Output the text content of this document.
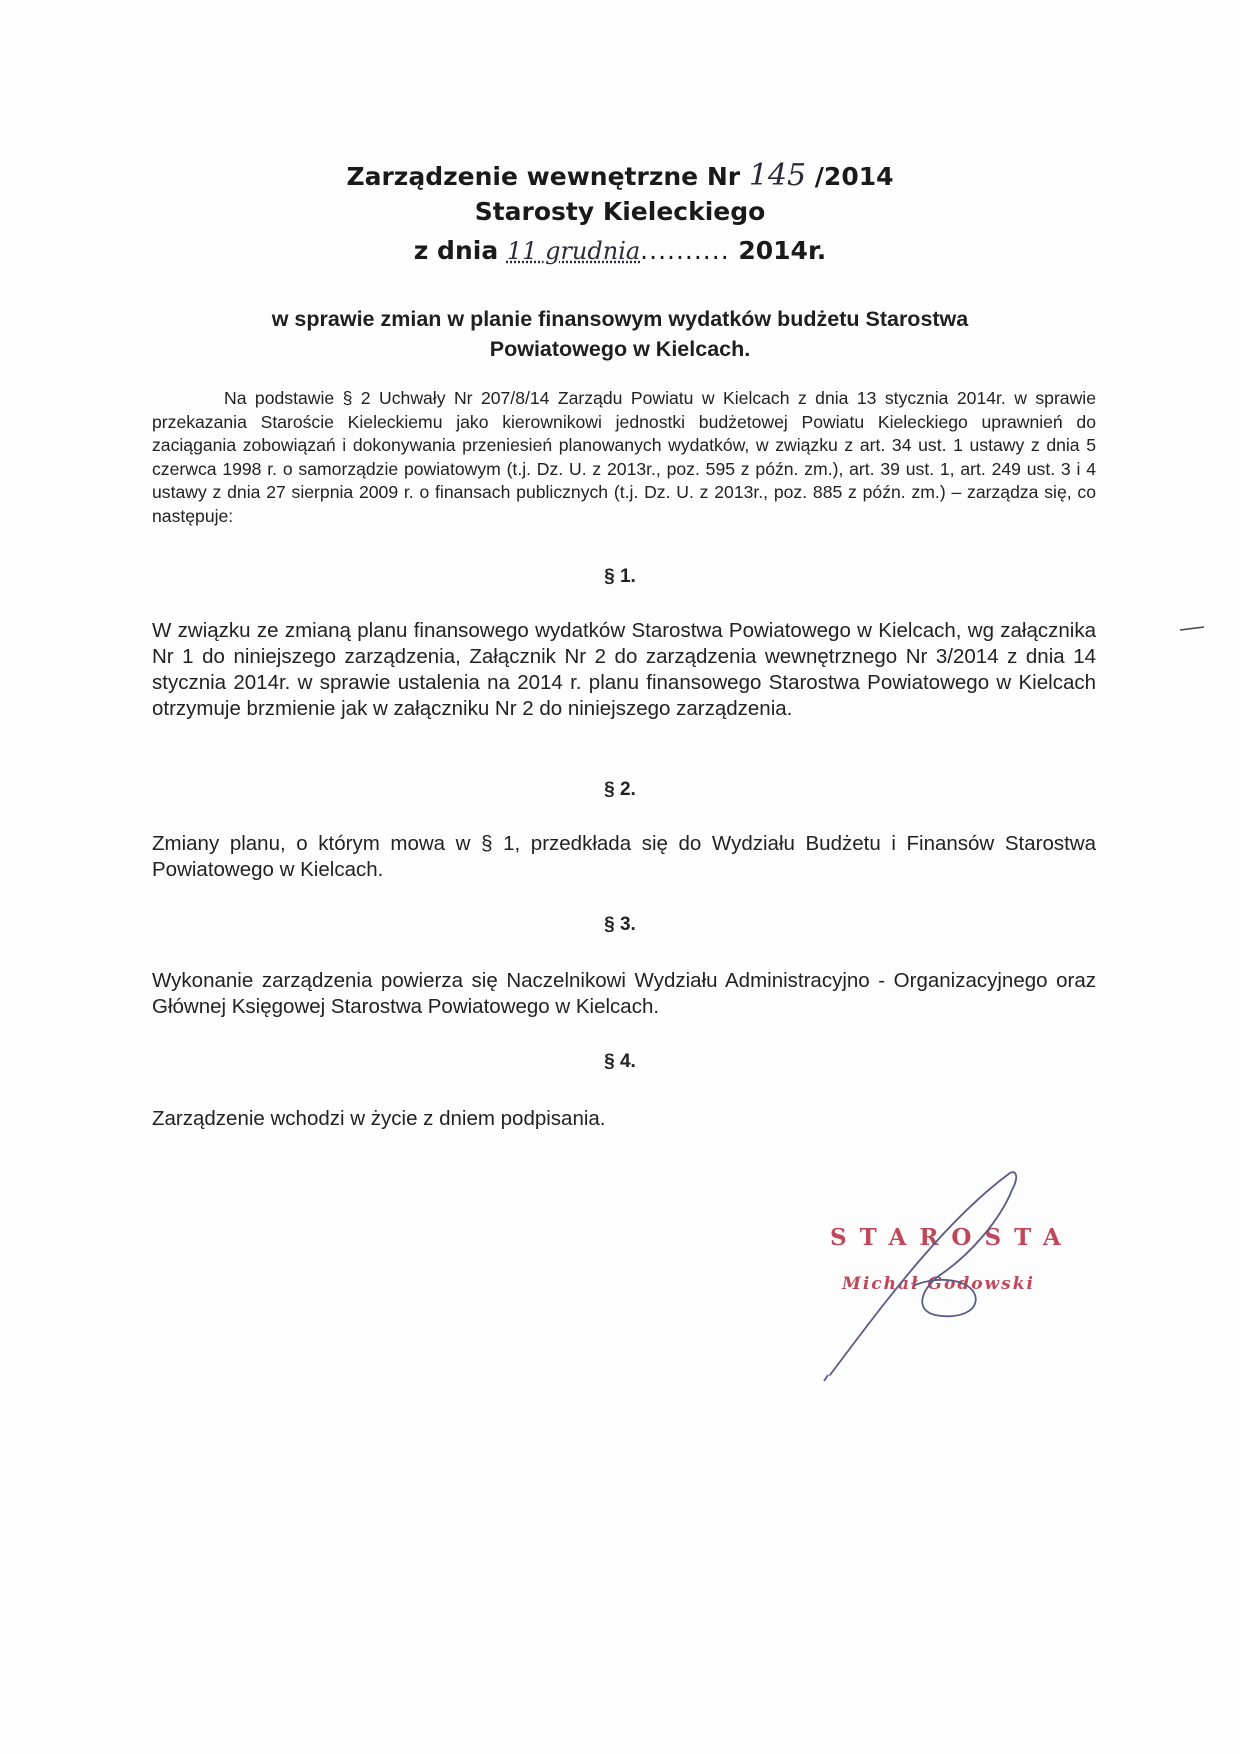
Zarządzenie wewnętrzne Nr 145 /2014
Starosty Kieleckiego
z dnia 11 grudnia.......... 2014r.
w sprawie zmian w planie finansowym wydatków budżetu Starostwa
Powiatowego w Kielcach.
Na podstawie § 2 Uchwały Nr 207/8/14 Zarządu Powiatu w Kielcach z dnia 13 stycznia 2014r. w sprawie przekazania Staroście Kieleckiemu jako kierownikowi jednostki budżetowej Powiatu Kieleckiego uprawnień do zaciągania zobowiązań i dokonywania przeniesień planowanych wydatków, w związku z art. 34 ust. 1 ustawy z dnia 5 czerwca 1998 r. o samorządzie powiatowym (t.j. Dz. U. z 2013r., poz. 595 z późn. zm.), art. 39 ust. 1, art. 249 ust. 3 i 4 ustawy z dnia 27 sierpnia 2009 r. o finansach publicznych (t.j. Dz. U. z 2013r., poz. 885 z późn. zm.) – zarządza się, co następuje:
§ 1.
W związku ze zmianą planu finansowego wydatków Starostwa Powiatowego w Kielcach, wg załącznika Nr 1 do niniejszego zarządzenia, Załącznik Nr 2 do zarządzenia wewnętrznego Nr 3/2014 z dnia 14 stycznia 2014r. w sprawie ustalenia na 2014 r. planu finansowego Starostwa Powiatowego w Kielcach otrzymuje brzmienie jak w załączniku Nr 2 do niniejszego zarządzenia.
§ 2.
Zmiany planu, o którym mowa w § 1, przedkłada się do Wydziału Budżetu i Finansów Starostwa Powiatowego w Kielcach.
§ 3.
Wykonanie zarządzenia powierza się Naczelnikowi Wydziału Administracyjno - Organizacyjnego oraz Głównej Księgowej Starostwa Powiatowego w Kielcach.
§ 4.
Zarządzenie wchodzi w życie z dniem podpisania.
STAROSTA
Michał Godowski
